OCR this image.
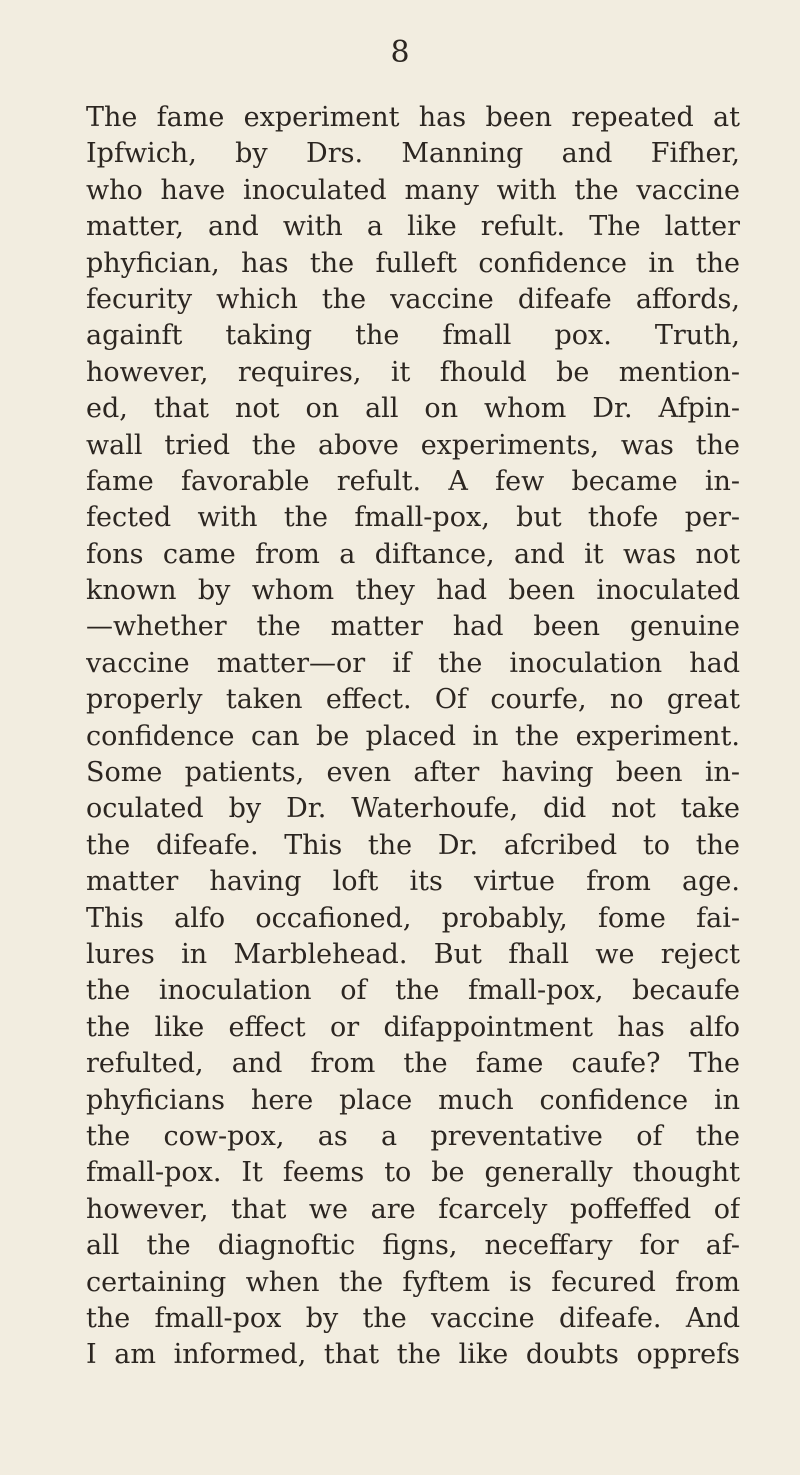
8
The fame experiment has been repeated at
Ipfwich, by Drs. Manning and Fifher,
who have inoculated many with the vaccine
matter, and with a like refult. The latter
phyfician, has the fulleft confidence in the
fecurity which the vaccine difeafe affords,
againft taking the fmall pox. Truth,
however, requires, it fhould be mention-
ed, that not on all on whom Dr. Afpin-
wall tried the above experiments, was the
fame favorable refult. A few became in-
fected with the fmall-pox, but thofe per-
fons came from a diftance, and it was not
known by whom they had been inoculated
—whether the matter had been genuine
vaccine matter—or if the inoculation had
properly taken effect. Of courfe, no great
confidence can be placed in the experiment.
Some patients, even after having been in-
oculated by Dr. Waterhoufe, did not take
the difeafe. This the Dr. afcribed to the
matter having loft its virtue from age.
This alfo occafioned, probably, fome fai-
lures in Marblehead. But fhall we reject
the inoculation of the fmall-pox, becaufe
the like effect or difappointment has alfo
refulted, and from the fame caufe? The
phyficians here place much confidence in
the cow-pox, as a preventative of the
fmall-pox. It feems to be generally thought
however, that we are fcarcely poffeffed of
all the diagnoftic figns, neceffary for af-
certaining when the fyftem is fecured from
the fmall-pox by the vaccine difeafe. And
I am informed, that the like doubts opprefs
